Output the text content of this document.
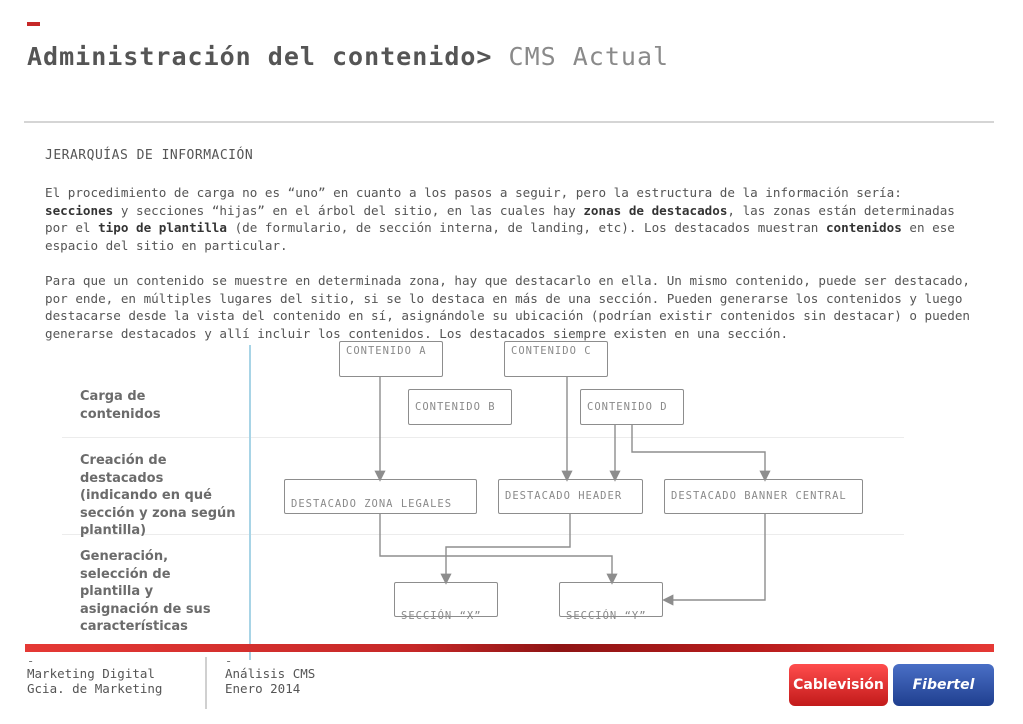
Administración del contenido> CMS Actual
JERARQUÍAS DE INFORMACIÓN
El procedimiento de carga no es “uno” en cuanto a los pasos a seguir, pero la estructura de la información sería: secciones y secciones “hijas” en el árbol del sitio, en las cuales hay zonas de destacados, las zonas están determinadas por el tipo de plantilla (de formulario, de sección interna, de landing, etc). Los destacados muestran contenidos en ese espacio del sitio en particular.
Para que un contenido se muestre en determinada zona, hay que destacarlo en ella. Un mismo contenido, puede ser destacado, por ende, en múltiples lugares del sitio, si se lo destaca en más de una sección. Pueden generarse los contenidos y luego destacarse desde la vista del contenido en sí, asignándole su ubicación (podrían existir contenidos sin destacar) o pueden generarse destacados y allí incluir los contenidos. Los destacados siempre existen en una sección.
Carga de contenidos
Creación de destacados (indicando en qué sección y zona según plantilla)
Generación, selección de plantilla y asignación de sus características
CONTENIDO A	CONTENIDO C
CONTENIDO B	CONTENIDO D
DESTACADO ZONA LEGALES
DESTACADO HEADER	DESTACADO BANNER CENTRAL
SECCIÓN “X”	SECCIÓN “Y”
-
Marketing Digital
Gcia. de Marketing
-
Análisis CMS
Enero 2014	Cablevisión	Fibertel
